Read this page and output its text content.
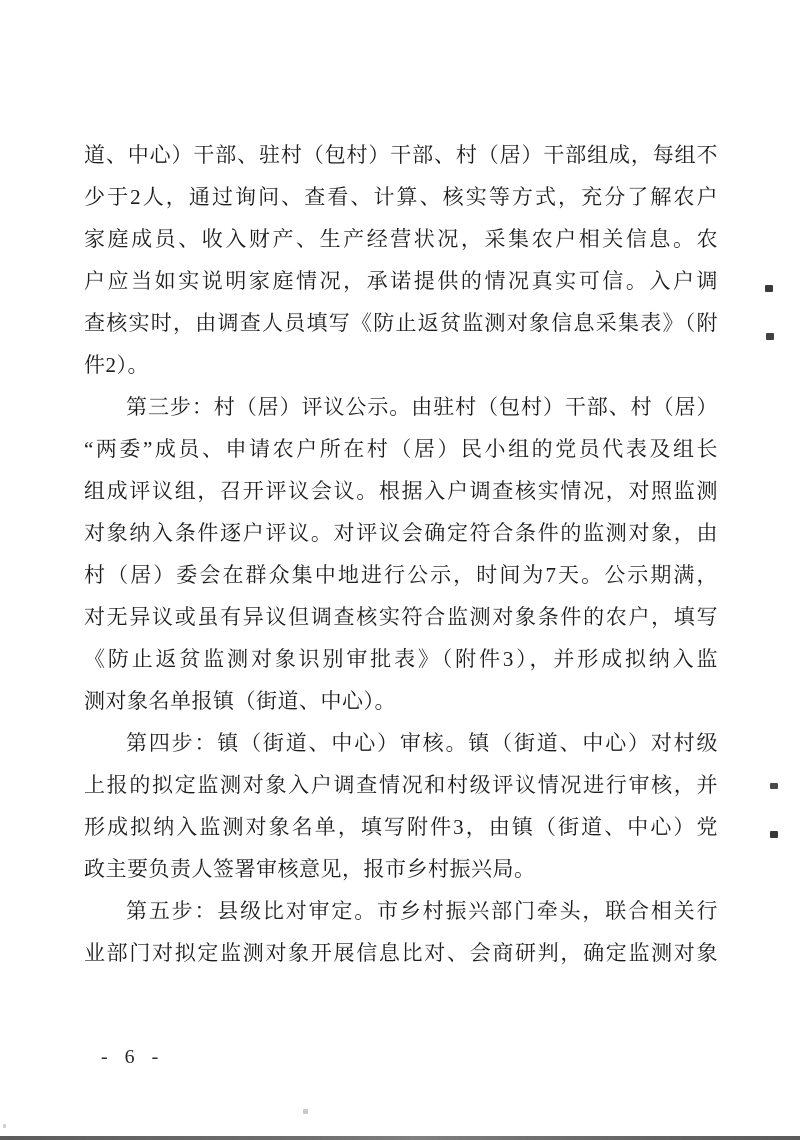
道、中心）干部、驻村（包村）干部、村（居）干部组成，每组不
少于2人，通过询问、查看、计算、核实等方式，充分了解农户
家庭成员、收入财产、生产经营状况，采集农户相关信息。农
户应当如实说明家庭情况，承诺提供的情况真实可信。入户调
查核实时，由调查人员填写《防止返贫监测对象信息采集表》（附
件2）。
第三步：村（居）评议公示。由驻村（包村）干部、村（居）
“两委”成员、申请农户所在村（居）民小组的党员代表及组长
组成评议组，召开评议会议。根据入户调查核实情况，对照监测
对象纳入条件逐户评议。对评议会确定符合条件的监测对象，由
村（居）委会在群众集中地进行公示，时间为7天。公示期满，
对无异议或虽有异议但调查核实符合监测对象条件的农户，填写
《防止返贫监测对象识别审批表》（附件3），并形成拟纳入监
测对象名单报镇（街道、中心）。
第四步：镇（街道、中心）审核。镇（街道、中心）对村级
上报的拟定监测对象入户调查情况和村级评议情况进行审核，并
形成拟纳入监测对象名单，填写附件3，由镇（街道、中心）党
政主要负责人签署审核意见，报市乡村振兴局。
第五步：县级比对审定。市乡村振兴部门牵头，联合相关行
业部门对拟定监测对象开展信息比对、会商研判，确定监测对象
- 6 -
